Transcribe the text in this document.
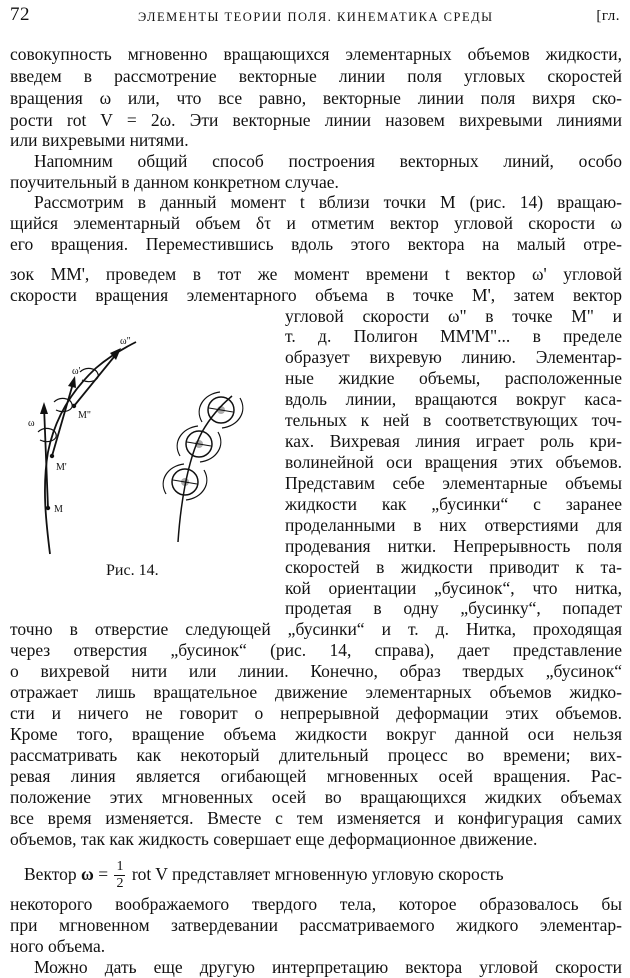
72	ЭЛЕМЕНТЫ ТЕОРИИ ПОЛЯ. КИНЕМАТИКА СРЕДЫ	[гл.
совокупность мгновенно вращающихся элементарных объемов жидкости,
введем в рассмотрение векторные линии поля угловых скоростей
вращения ω или, что все равно, векторные линии поля вихря ско-
рости rot V = 2ω. Эти векторные линии назовем вихревыми линиями
или вихревыми нитями.
Напомним общий способ построения векторных линий, особо
поучительный в данном конкретном случае.
Рассмотрим в данный момент t вблизи точки M (рис. 14) вращаю-
щийся элементарный объем δτ и отметим вектор угловой скорости ω
его вращения. Переместившись вдоль этого вектора на малый отре-
зок MM', проведем в тот же момент времени t вектор ω' угловой
скорости вращения элементарного объема в точке M', затем вектор
угловой скорости ω" в точке M" и
т. д. Полигон MM'M"... в пределе
образует вихревую линию. Элементар-
ные жидкие объемы, расположенные
вдоль линии, вращаются вокруг каса-
тельных к ней в соответствующих точ-
ках. Вихревая линия играет роль кри-
волинейной оси вращения этих объемов.
Представим себе элементарные объемы
жидкости как „бусинки“ с заранее
проделанными в них отверстиями для
продевания нитки. Непрерывность поля
скоростей в жидкости приводит к та-
кой ориентации „бусинок“, что нитка,
продетая в одну „бусинку“, попадет
ω
ω'
ω"
M
M'
M"
Рис. 14.
точно в отверстие следующей „бусинки“ и т. д. Нитка, проходящая
через отверстия „бусинок“ (рис. 14, справа), дает представление
о вихревой нити или линии. Конечно, образ твердых „бусинок“
отражает лишь вращательное движение элементарных объемов жидко-
сти и ничего не говорит о непрерывной деформации этих объемов.
Кроме того, вращение объема жидкости вокруг данной оси нельзя
рассматривать как некоторый длительный процесс во времени; вих-
ревая линия является огибающей мгновенных осей вращения. Рас-
положение этих мгновенных осей во вращающихся жидких объемах
все время изменяется. Вместе с тем изменяется и конфигурация самих
объемов, так как жидкость совершает еще деформационное движение.
Вектор $\omega = \frac{1}{2}$ rot V представляет мгновенную угловую скорость
некоторого воображаемого твердого тела, которое образовалось бы
при мгновенном затвердевании рассматриваемого жидкого элементар-
ного объема.
Можно дать еще другую интерпретацию вектора угловой скорости
